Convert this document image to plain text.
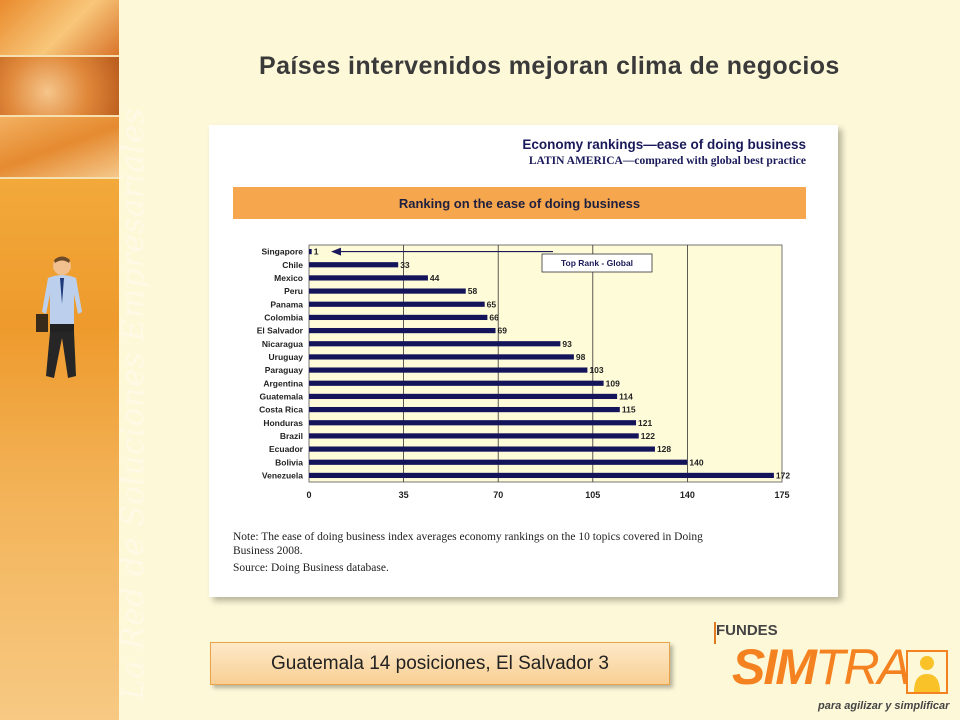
La Red de Soluciones Empresariales
Países intervenidos mejoran clima de negocios
Economy rankings—ease of doing business
LATIN AMERICA—compared with global best practice
Ranking on the ease of doing business
0	35	70	105	140	175
Singapore 1
Chile	33
Mexico	44
Peru	58
Panama	65
Colombia	66
El Salvador	69
Nicaragua	93
Uruguay	98
Paraguay	103
Argentina	109
Guatemala	114
Costa Rica	115
Honduras	121
Brazil	122
Ecuador	128
Bolivia	140
Venezuela	172
Top Rank - Global
Note: The ease of doing business index averages economy rankings on the 10 topics covered in Doing
Business 2008.
Source: Doing Business database.
Guatemala 14 posiciones, El Salvador 3
FUNDES
SIMTRA
para agilizar y simplificar
